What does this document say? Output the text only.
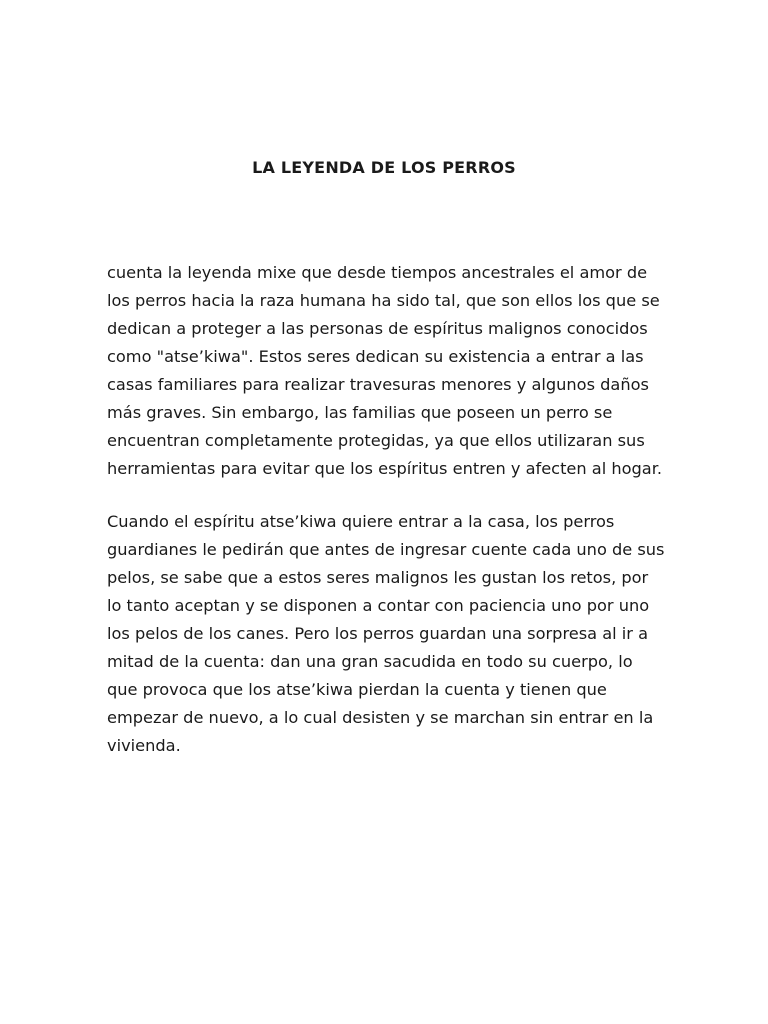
LA LEYENDA DE LOS PERROS

cuenta la leyenda mixe que desde tiempos ancestrales el amor de los perros hacia la raza humana ha sido tal, que son ellos los que se dedican a proteger a las personas de espíritus malignos conocidos como "atse’kiwa". Estos seres dedican su existencia a entrar a las casas familiares para realizar travesuras menores y algunos daños más graves. Sin embargo, las familias que poseen un perro se encuentran completamente protegidas, ya que ellos utilizaran sus herramientas para evitar que los espíritus entren y afecten al hogar.

Cuando el espíritu atse’kiwa quiere entrar a la casa, los perros guardianes le pedirán que antes de ingresar cuente cada uno de sus pelos, se sabe que a estos seres malignos les gustan los retos, por lo tanto aceptan y se disponen a contar con paciencia uno por uno los pelos de los canes. Pero los perros guardan una sorpresa al ir a mitad de la cuenta: dan una gran sacudida en todo su cuerpo, lo que provoca que los atse’kiwa pierdan la cuenta y tienen que empezar de nuevo, a lo cual desisten y se marchan sin entrar en la vivienda.
